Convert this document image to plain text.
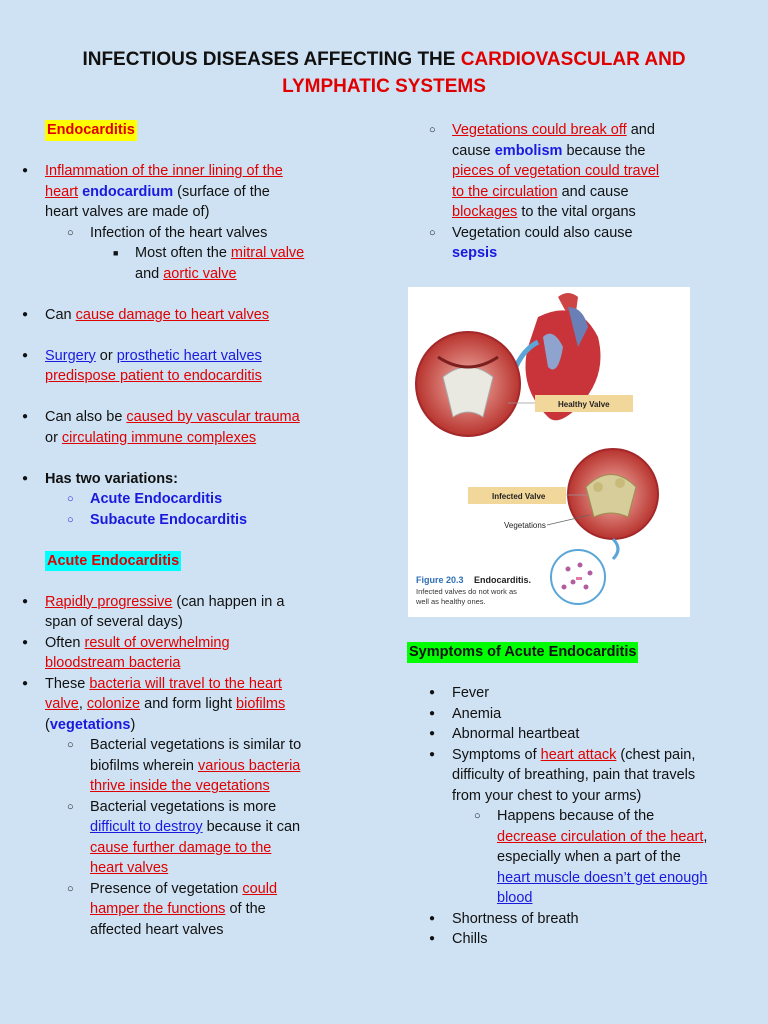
INFECTIOUS DISEASES AFFECTING THE CARDIOVASCULAR AND
LYMPHATIC SYSTEMS
Endocarditis
● Inflammation of the inner lining of the
heart endocardium (surface of the
heart valves are made of)
○ Infection of the heart valves
■ Most often the mitral valve
and aortic valve
● Can cause damage to heart valves
● Surgery or prosthetic heart valves
predispose patient to endocarditis
● Can also be caused by vascular trauma
or circulating immune complexes
● Has two variations:
○ Acute Endocarditis
○ Subacute Endocarditis
Acute Endocarditis
● Rapidly progressive (can happen in a
span of several days)
● Often result of overwhelming
bloodstream bacteria
● These bacteria will travel to the heart
valve, colonize and form light biofilms
(vegetations)
○ Bacterial vegetations is similar to
biofilms wherein various bacteria
thrive inside the vegetations
○ Bacterial vegetations is more
difficult to destroy because it can
cause further damage to the
heart valves
○ Presence of vegetation could
hamper the functions of the
affected heart valves
○ Vegetations could break off and
cause embolism because the
pieces of vegetation could travel
to the circulation and cause
blockages to the vital organs
○ Vegetation could also cause
sepsis
Healthy Valve
Infected Valve
Vegetations
Figure 20.3 Endocarditis.
Infected valves do not work as
well as healthy ones.
Symptoms of Acute Endocarditis
● Fever
● Anemia
● Abnormal heartbeat
● Symptoms of heart attack (chest pain,
difficulty of breathing, pain that travels
from your chest to your arms)
○ Happens because of the
decrease circulation of the heart,
especially when a part of the
heart muscle doesn’t get enough
blood
● Shortness of breath
● Chills
